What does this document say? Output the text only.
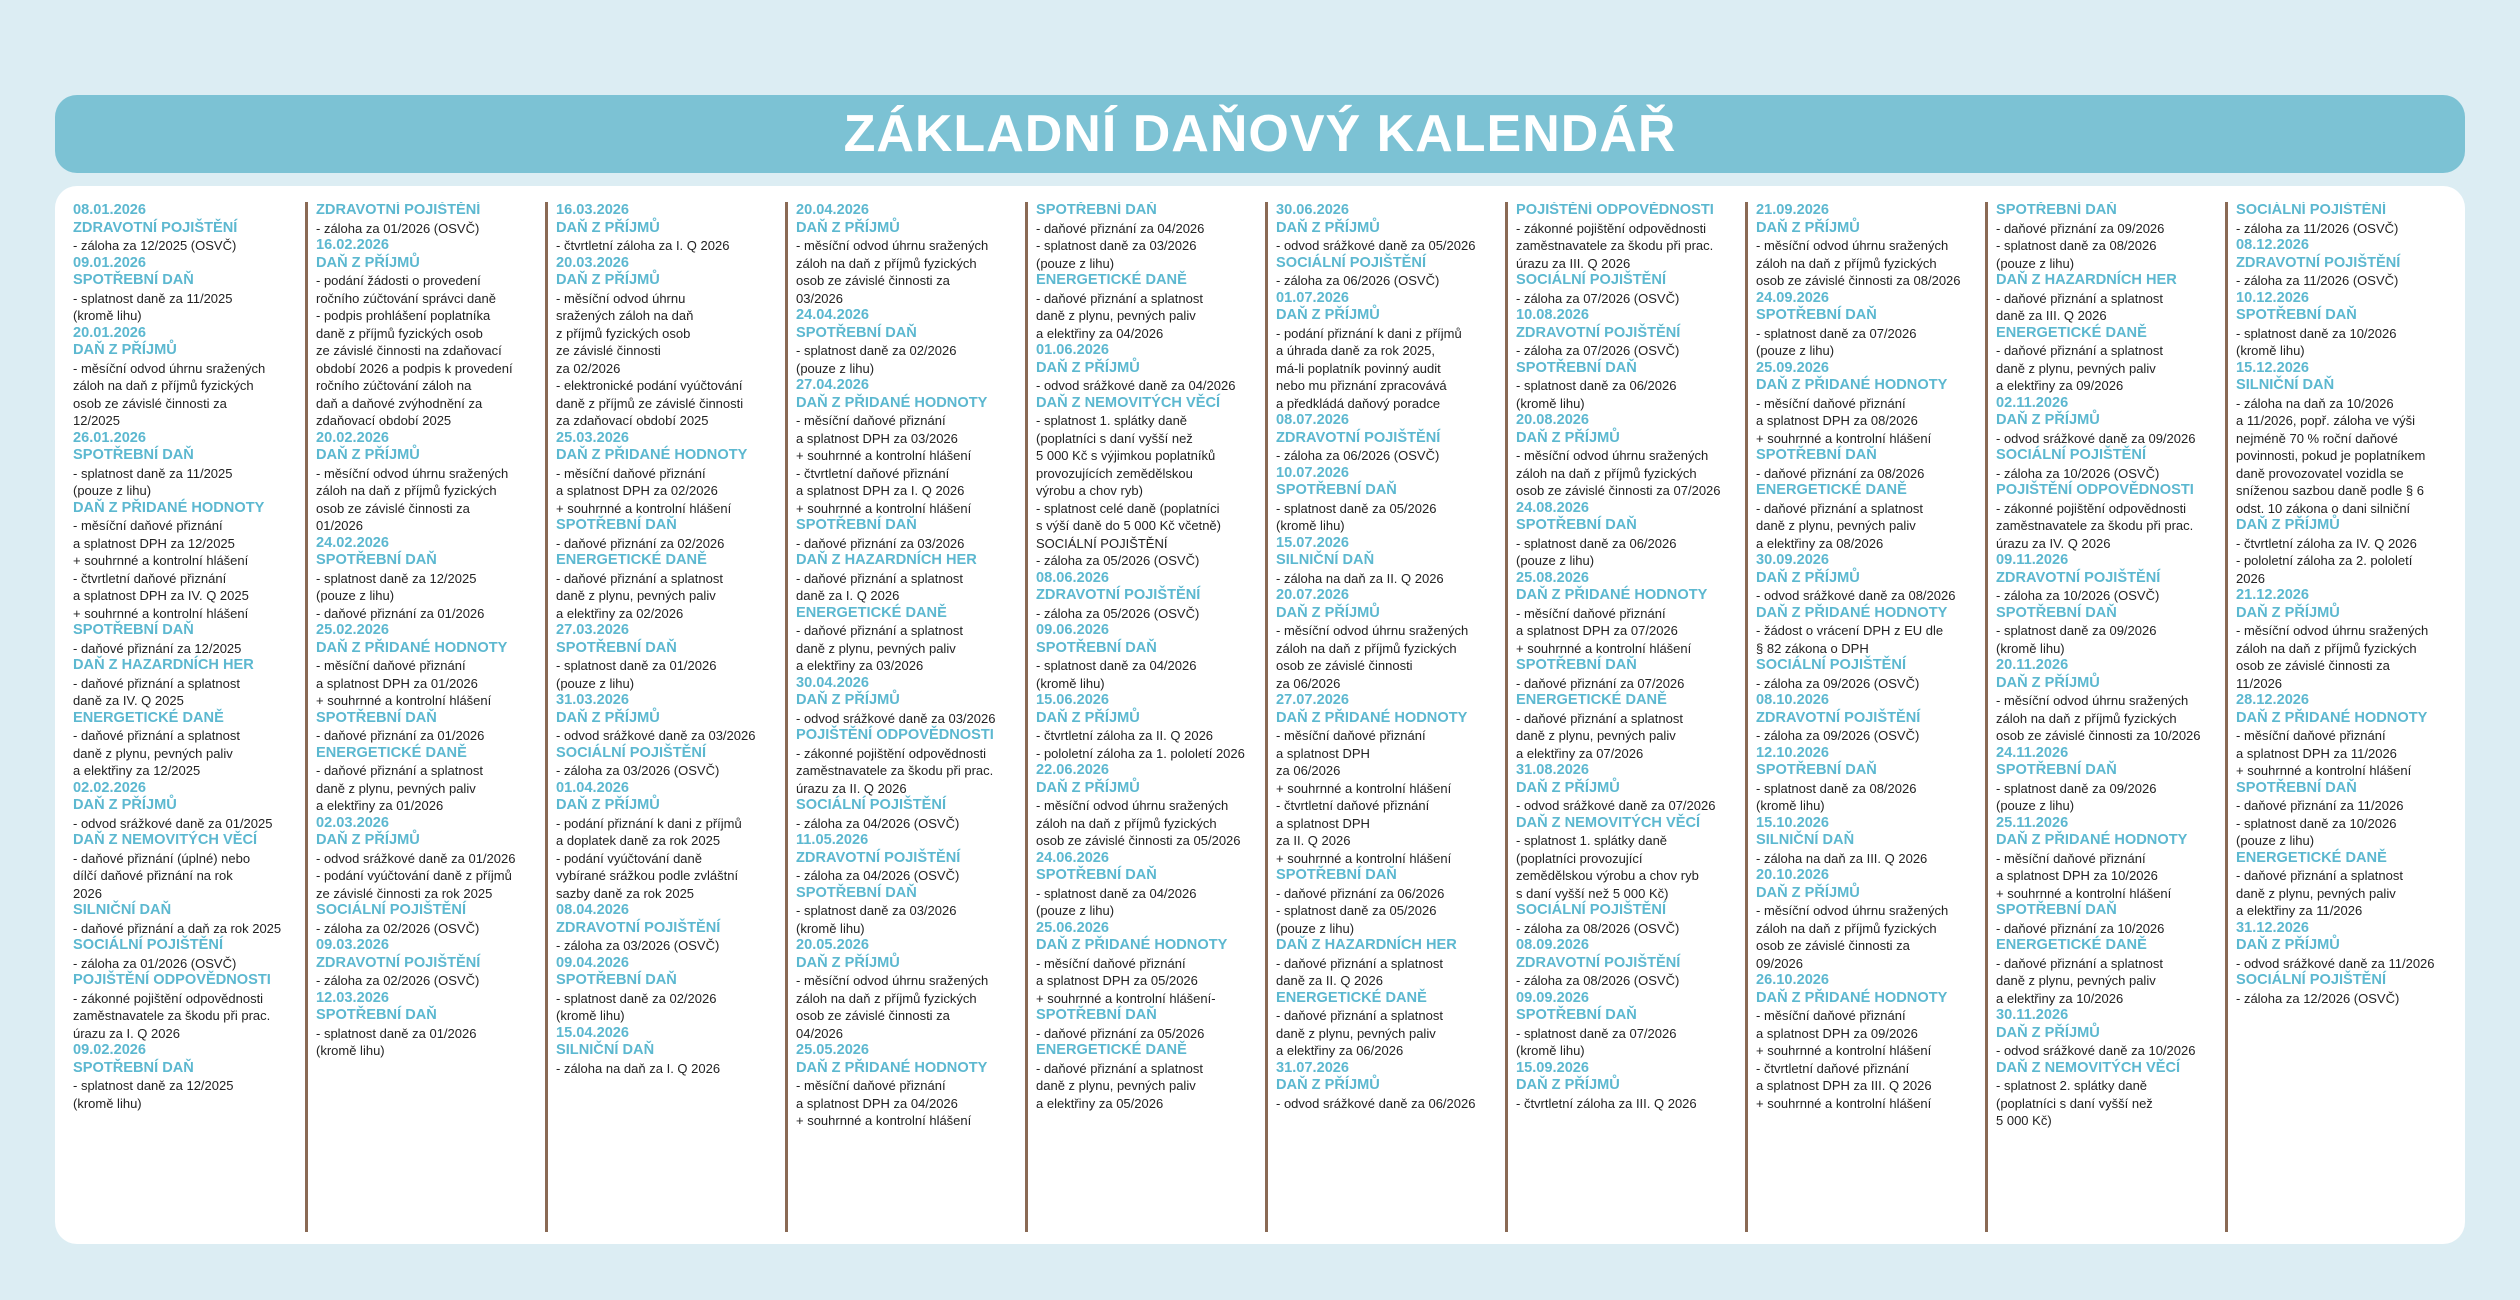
ZÁKLADNÍ DAŇOVÝ KALENDÁŘ
08.01.2026
ZDRAVOTNÍ POJIŠTĚNÍ
- záloha za 12/2025 (OSVČ)
09.01.2026
SPOTŘEBNÍ DAŇ
- splatnost daně za 11/2025
(kromě lihu)
20.01.2026
DAŇ Z PŘÍJMŮ
- měsíční odvod úhrnu sražených
záloh na daň z příjmů fyzických
osob ze závislé činnosti za
12/2025
26.01.2026
SPOTŘEBNÍ DAŇ
- splatnost daně za 11/2025
(pouze z lihu)
DAŇ Z PŘIDANÉ HODNOTY
- měsíční daňové přiznání
a splatnost DPH za 12/2025
+ souhrnné a kontrolní hlášení
- čtvrtletní daňové přiznání
a splatnost DPH za IV. Q 2025
+ souhrnné a kontrolní hlášení
SPOTŘEBNÍ DAŇ
- daňové přiznání za 12/2025
DAŇ Z HAZARDNÍCH HER
- daňové přiznání a splatnost
daně za IV. Q 2025
ENERGETICKÉ DANĚ
- daňové přiznání a splatnost
daně z plynu, pevných paliv
a elektřiny za 12/2025
02.02.2026
DAŇ Z PŘÍJMŮ
- odvod srážkové daně za 01/2025
DAŇ Z NEMOVITÝCH VĚCÍ
- daňové přiznání (úplné) nebo
dílčí daňové přiznání na rok
2026
SILNIČNÍ DAŇ
- daňové přiznání a daň za rok 2025
SOCIÁLNÍ POJIŠTĚNÍ
- záloha za 01/2026 (OSVČ)
POJIŠTĚNÍ ODPOVĚDNOSTI
- zákonné pojištění odpovědnosti
zaměstnavatele za škodu při prac.
úrazu za I. Q 2026
09.02.2026
SPOTŘEBNÍ DAŇ
- splatnost daně za 12/2025
(kromě lihu)
ZDRAVOTNÍ POJIŠTĚNÍ
- záloha za 01/2026 (OSVČ)
16.02.2026
DAŇ Z PŘÍJMŮ
- podání žádosti o provedení
ročního zúčtování správci daně
- podpis prohlášení poplatníka
daně z příjmů fyzických osob
ze závislé činnosti na zdaňovací
období 2026 a podpis k provedení
ročního zúčtování záloh na
daň a daňové zvýhodnění za
zdaňovací období 2025
20.02.2026
DAŇ Z PŘÍJMŮ
- měsíční odvod úhrnu sražených
záloh na daň z příjmů fyzických
osob ze závislé činnosti za
01/2026
24.02.2026
SPOTŘEBNÍ DAŇ
- splatnost daně za 12/2025
(pouze z lihu)
- daňové přiznání za 01/2026
25.02.2026
DAŇ Z PŘIDANÉ HODNOTY
- měsíční daňové přiznání
a splatnost DPH za 01/2026
+ souhrnné a kontrolní hlášení
SPOTŘEBNÍ DAŇ
- daňové přiznání za 01/2026
ENERGETICKÉ DANĚ
- daňové přiznání a splatnost
daně z plynu, pevných paliv
a elektřiny za 01/2026
02.03.2026
DAŇ Z PŘÍJMŮ
- odvod srážkové daně za 01/2026
- podání vyúčtování daně z příjmů
ze závislé činnosti za rok 2025
SOCIÁLNÍ POJIŠTĚNÍ
- záloha za 02/2026 (OSVČ)
09.03.2026
ZDRAVOTNÍ POJIŠTĚNÍ
- záloha za 02/2026 (OSVČ)
12.03.2026
SPOTŘEBNÍ DAŇ
- splatnost daně za 01/2026
(kromě lihu)
16.03.2026
DAŇ Z PŘÍJMŮ
- čtvrtletní záloha za I. Q 2026
20.03.2026
DAŇ Z PŘÍJMŮ
- měsíční odvod úhrnu
sražených záloh na daň
z příjmů fyzických osob
ze závislé činnosti
za 02/2026
- elektronické podání vyúčtování
daně z příjmů ze závislé činnosti
za zdaňovací období 2025
25.03.2026
DAŇ Z PŘIDANÉ HODNOTY
- měsíční daňové přiznání
a splatnost DPH za 02/2026
+ souhrnné a kontrolní hlášení
SPOTŘEBNÍ DAŇ
- daňové přiznání za 02/2026
ENERGETICKÉ DANĚ
- daňové přiznání a splatnost
daně z plynu, pevných paliv
a elektřiny za 02/2026
27.03.2026
SPOTŘEBNÍ DAŇ
- splatnost daně za 01/2026
(pouze z lihu)
31.03.2026
DAŇ Z PŘÍJMŮ
- odvod srážkové daně za 03/2026
SOCIÁLNÍ POJIŠTĚNÍ
- záloha za 03/2026 (OSVČ)
01.04.2026
DAŇ Z PŘÍJMŮ
- podání přiznání k dani z příjmů
a doplatek daně za rok 2025
- podání vyúčtování daně
vybírané srážkou podle zvláštní
sazby daně za rok 2025
08.04.2026
ZDRAVOTNÍ POJIŠTĚNÍ
- záloha za 03/2026 (OSVČ)
09.04.2026
SPOTŘEBNÍ DAŇ
- splatnost daně za 02/2026
(kromě lihu)
15.04.2026
SILNIČNÍ DAŇ
- záloha na daň za I. Q 2026
20.04.2026
DAŇ Z PŘÍJMŮ
- měsíční odvod úhrnu sražených
záloh na daň z příjmů fyzických
osob ze závislé činnosti za
03/2026
24.04.2026
SPOTŘEBNÍ DAŇ
- splatnost daně za 02/2026
(pouze z lihu)
27.04.2026
DAŇ Z PŘIDANÉ HODNOTY
- měsíční daňové přiznání
a splatnost DPH za 03/2026
+ souhrnné a kontrolní hlášení
- čtvrtletní daňové přiznání
a splatnost DPH za I. Q 2026
+ souhrnné a kontrolní hlášení
SPOTŘEBNÍ DAŇ
- daňové přiznání za 03/2026
DAŇ Z HAZARDNÍCH HER
- daňové přiznání a splatnost
daně za I. Q 2026
ENERGETICKÉ DANĚ
- daňové přiznání a splatnost
daně z plynu, pevných paliv
a elektřiny za 03/2026
30.04.2026
DAŇ Z PŘÍJMŮ
- odvod srážkové daně za 03/2026
POJIŠTĚNÍ ODPOVĚDNOSTI
- zákonné pojištění odpovědnosti
zaměstnavatele za škodu při prac.
úrazu za II. Q 2026
SOCIÁLNÍ POJIŠTĚNÍ
- záloha za 04/2026 (OSVČ)
11.05.2026
ZDRAVOTNÍ POJIŠTĚNÍ
- záloha za 04/2026 (OSVČ)
SPOTŘEBNÍ DAŇ
- splatnost daně za 03/2026
(kromě lihu)
20.05.2026
DAŇ Z PŘÍJMŮ
- měsíční odvod úhrnu sražených
záloh na daň z příjmů fyzických
osob ze závislé činnosti za
04/2026
25.05.2026
DAŇ Z PŘIDANÉ HODNOTY
- měsíční daňové přiznání
a splatnost DPH za 04/2026
+ souhrnné a kontrolní hlášení
SPOTŘEBNÍ DAŇ
- daňové přiznání za 04/2026
- splatnost daně za 03/2026
(pouze z lihu)
ENERGETICKÉ DANĚ
- daňové přiznání a splatnost
daně z plynu, pevných paliv
a elektřiny za 04/2026
01.06.2026
DAŇ Z PŘÍJMŮ
- odvod srážkové daně za 04/2026
DAŇ Z NEMOVITÝCH VĚCÍ
- splatnost 1. splátky daně
(poplatníci s daní vyšší než
5 000 Kč s výjimkou poplatníků
provozujících zemědělskou
výrobu a chov ryb)
- splatnost celé daně (poplatníci
s výší daně do 5 000 Kč včetně)
SOCIÁLNÍ POJIŠTĚNÍ
- záloha za 05/2026 (OSVČ)
08.06.2026
ZDRAVOTNÍ POJIŠTĚNÍ
- záloha za 05/2026 (OSVČ)
09.06.2026
SPOTŘEBNÍ DAŇ
- splatnost daně za 04/2026
(kromě lihu)
15.06.2026
DAŇ Z PŘÍJMŮ
- čtvrtletní záloha za II. Q 2026
- pololetní záloha za 1. pololetí 2026
22.06.2026
DAŇ Z PŘÍJMŮ
- měsíční odvod úhrnu sražených
záloh na daň z příjmů fyzických
osob ze závislé činnosti za 05/2026
24.06.2026
SPOTŘEBNÍ DAŇ
- splatnost daně za 04/2026
(pouze z lihu)
25.06.2026
DAŇ Z PŘIDANÉ HODNOTY
- měsíční daňové přiznání
a splatnost DPH za 05/2026
+ souhrnné a kontrolní hlášení-
SPOTŘEBNÍ DAŇ
- daňové přiznání za 05/2026
ENERGETICKÉ DANĚ
- daňové přiznání a splatnost
daně z plynu, pevných paliv
a elektřiny za 05/2026
30.06.2026
DAŇ Z PŘÍJMŮ
- odvod srážkové daně za 05/2026
SOCIÁLNÍ POJIŠTĚNÍ
- záloha za 06/2026 (OSVČ)
01.07.2026
DAŇ Z PŘÍJMŮ
- podání přiznání k dani z příjmů
a úhrada daně za rok 2025,
má-li poplatník povinný audit
nebo mu přiznání zpracovává
a předkládá daňový poradce
08.07.2026
ZDRAVOTNÍ POJIŠTĚNÍ
- záloha za 06/2026 (OSVČ)
10.07.2026
SPOTŘEBNÍ DAŇ
- splatnost daně za 05/2026
(kromě lihu)
15.07.2026
SILNIČNÍ DAŇ
- záloha na daň za II. Q 2026
20.07.2026
DAŇ Z PŘÍJMŮ
- měsíční odvod úhrnu sražených
záloh na daň z příjmů fyzických
osob ze závislé činnosti
za 06/2026
27.07.2026
DAŇ Z PŘIDANÉ HODNOTY
- měsíční daňové přiznání
a splatnost DPH
za 06/2026
+ souhrnné a kontrolní hlášení
- čtvrtletní daňové přiznání
a splatnost DPH
za II. Q 2026
+ souhrnné a kontrolní hlášení
SPOTŘEBNÍ DAŇ
- daňové přiznání za 06/2026
- splatnost daně za 05/2026
(pouze z lihu)
DAŇ Z HAZARDNÍCH HER
- daňové přiznání a splatnost
daně za II. Q 2026
ENERGETICKÉ DANĚ
- daňové přiznání a splatnost
daně z plynu, pevných paliv
a elektřiny za 06/2026
31.07.2026
DAŇ Z PŘÍJMŮ
- odvod srážkové daně za 06/2026
POJIŠTĚNÍ ODPOVĚDNOSTI
- zákonné pojištění odpovědnosti
zaměstnavatele za škodu při prac.
úrazu za III. Q 2026
SOCIÁLNÍ POJIŠTĚNÍ
- záloha za 07/2026 (OSVČ)
10.08.2026
ZDRAVOTNÍ POJIŠTĚNÍ
- záloha za 07/2026 (OSVČ)
SPOTŘEBNÍ DAŇ
- splatnost daně za 06/2026
(kromě lihu)
20.08.2026
DAŇ Z PŘÍJMŮ
- měsíční odvod úhrnu sražených
záloh na daň z příjmů fyzických
osob ze závislé činnosti za 07/2026
24.08.2026
SPOTŘEBNÍ DAŇ
- splatnost daně za 06/2026
(pouze z lihu)
25.08.2026
DAŇ Z PŘIDANÉ HODNOTY
- měsíční daňové přiznání
a splatnost DPH za 07/2026
+ souhrnné a kontrolní hlášení
SPOTŘEBNÍ DAŇ
- daňové přiznání za 07/2026
ENERGETICKÉ DANĚ
- daňové přiznání a splatnost
daně z plynu, pevných paliv
a elektřiny za 07/2026
31.08.2026
DAŇ Z PŘÍJMŮ
- odvod srážkové daně za 07/2026
DAŇ Z NEMOVITÝCH VĚCÍ
- splatnost 1. splátky daně
(poplatníci provozující
zemědělskou výrobu a chov ryb
s daní vyšší než 5 000 Kč)
SOCIÁLNÍ POJIŠTĚNÍ
- záloha za 08/2026 (OSVČ)
08.09.2026
ZDRAVOTNÍ POJIŠTĚNÍ
- záloha za 08/2026 (OSVČ)
09.09.2026
SPOTŘEBNÍ DAŇ
- splatnost daně za 07/2026
(kromě lihu)
15.09.2026
DAŇ Z PŘÍJMŮ
- čtvrtletní záloha za III. Q 2026
21.09.2026
DAŇ Z PŘÍJMŮ
- měsíční odvod úhrnu sražených
záloh na daň z příjmů fyzických
osob ze závislé činnosti za 08/2026
24.09.2026
SPOTŘEBNÍ DAŇ
- splatnost daně za 07/2026
(pouze z lihu)
25.09.2026
DAŇ Z PŘIDANÉ HODNOTY
- měsíční daňové přiznání
a splatnost DPH za 08/2026
+ souhrnné a kontrolní hlášení
SPOTŘEBNÍ DAŇ
- daňové přiznání za 08/2026
ENERGETICKÉ DANĚ
- daňové přiznání a splatnost
daně z plynu, pevných paliv
a elektřiny za 08/2026
30.09.2026
DAŇ Z PŘÍJMŮ
- odvod srážkové daně za 08/2026
DAŇ Z PŘIDANÉ HODNOTY
- žádost o vrácení DPH z EU dle
§ 82 zákona o DPH
SOCIÁLNÍ POJIŠTĚNÍ
- záloha za 09/2026 (OSVČ)
08.10.2026
ZDRAVOTNÍ POJIŠTĚNÍ
- záloha za 09/2026 (OSVČ)
12.10.2026
SPOTŘEBNÍ DAŇ
- splatnost daně za 08/2026
(kromě lihu)
15.10.2026
SILNIČNÍ DAŇ
- záloha na daň za III. Q 2026
20.10.2026
DAŇ Z PŘÍJMŮ
- měsíční odvod úhrnu sražených
záloh na daň z příjmů fyzických
osob ze závislé činnosti za
09/2026
26.10.2026
DAŇ Z PŘIDANÉ HODNOTY
- měsíční daňové přiznání
a splatnost DPH za 09/2026
+ souhrnné a kontrolní hlášení
- čtvrtletní daňové přiznání
a splatnost DPH za III. Q 2026
+ souhrnné a kontrolní hlášení
SPOTŘEBNÍ DAŇ
- daňové přiznání za 09/2026
- splatnost daně za 08/2026
(pouze z lihu)
DAŇ Z HAZARDNÍCH HER
- daňové přiznání a splatnost
daně za III. Q 2026
ENERGETICKÉ DANĚ
- daňové přiznání a splatnost
daně z plynu, pevných paliv
a elektřiny za 09/2026
02.11.2026
DAŇ Z PŘÍJMŮ
- odvod srážkové daně za 09/2026
SOCIÁLNÍ POJIŠTĚNÍ
- záloha za 10/2026 (OSVČ)
POJIŠTĚNÍ ODPOVĚDNOSTI
- zákonné pojištění odpovědnosti
zaměstnavatele za škodu při prac.
úrazu za IV. Q 2026
09.11.2026
ZDRAVOTNÍ POJIŠTĚNÍ
- záloha za 10/2026 (OSVČ)
SPOTŘEBNÍ DAŇ
- splatnost daně za 09/2026
(kromě lihu)
20.11.2026
DAŇ Z PŘÍJMŮ
- měsíční odvod úhrnu sražených
záloh na daň z příjmů fyzických
osob ze závislé činnosti za 10/2026
24.11.2026
SPOTŘEBNÍ DAŇ
- splatnost daně za 09/2026
(pouze z lihu)
25.11.2026
DAŇ Z PŘIDANÉ HODNOTY
- měsíční daňové přiznání
a splatnost DPH za 10/2026
+ souhrnné a kontrolní hlášení
SPOTŘEBNÍ DAŇ
- daňové přiznání za 10/2026
ENERGETICKÉ DANĚ
- daňové přiznání a splatnost
daně z plynu, pevných paliv
a elektřiny za 10/2026
30.11.2026
DAŇ Z PŘÍJMŮ
- odvod srážkové daně za 10/2026
DAŇ Z NEMOVITÝCH VĚCÍ
- splatnost 2. splátky daně
(poplatníci s daní vyšší než
5 000 Kč)
SOCIÁLNÍ POJIŠTĚNÍ
- záloha za 11/2026 (OSVČ)
08.12.2026
ZDRAVOTNÍ POJIŠTĚNÍ
- záloha za 11/2026 (OSVČ)
10.12.2026
SPOTŘEBNÍ DAŇ
- splatnost daně za 10/2026
(kromě lihu)
15.12.2026
SILNIČNÍ DAŇ
- záloha na daň za 10/2026
a 11/2026, popř. záloha ve výši
nejméně 70 % roční daňové
povinnosti, pokud je poplatníkem
daně provozovatel vozidla se
sníženou sazbou daně podle § 6
odst. 10 zákona o dani silniční
DAŇ Z PŘÍJMŮ
- čtvrtletní záloha za IV. Q 2026
- pololetní záloha za 2. pololetí
2026
21.12.2026
DAŇ Z PŘÍJMŮ
- měsíční odvod úhrnu sražených
záloh na daň z příjmů fyzických
osob ze závislé činnosti za
11/2026
28.12.2026
DAŇ Z PŘIDANÉ HODNOTY
- měsíční daňové přiznání
a splatnost DPH za 11/2026
+ souhrnné a kontrolní hlášení
SPOTŘEBNÍ DAŇ
- daňové přiznání za 11/2026
- splatnost daně za 10/2026
(pouze z lihu)
ENERGETICKÉ DANĚ
- daňové přiznání a splatnost
daně z plynu, pevných paliv
a elektřiny za 11/2026
31.12.2026
DAŇ Z PŘÍJMŮ
- odvod srážkové daně za 11/2026
SOCIÁLNÍ POJIŠTĚNÍ
- záloha za 12/2026 (OSVČ)
